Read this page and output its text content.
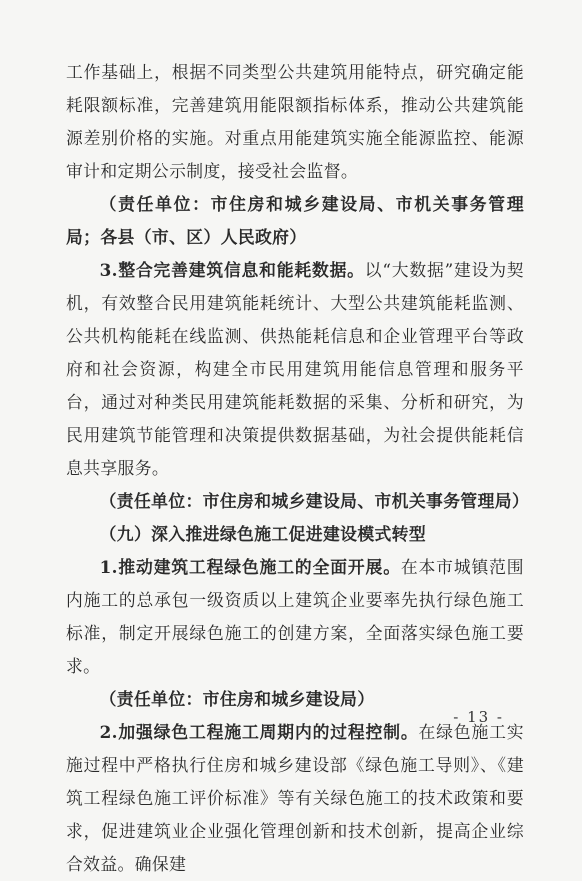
工作基础上，根据不同类型公共建筑用能特点，研究确定能耗限额标准，完善建筑用能限额指标体系，推动公共建筑能源差别价格的实施。对重点用能建筑实施全能源监控、能源审计和定期公示制度，接受社会监督。

（责任单位：市住房和城乡建设局、市机关事务管理局；各县（市、区）人民政府）

3.整合完善建筑信息和能耗数据。以“大数据”建设为契机，有效整合民用建筑能耗统计、大型公共建筑能耗监测、公共机构能耗在线监测、供热能耗信息和企业管理平台等政府和社会资源，构建全市民用建筑用能信息管理和服务平台，通过对种类民用建筑能耗数据的采集、分析和研究，为民用建筑节能管理和决策提供数据基础，为社会提供能耗信息共享服务。

（责任单位：市住房和城乡建设局、市机关事务管理局）

（九）深入推进绿色施工促进建设模式转型

1.推动建筑工程绿色施工的全面开展。在本市城镇范围内施工的总承包一级资质以上建筑企业要率先执行绿色施工标准，制定开展绿色施工的创建方案，全面落实绿色施工要求。

（责任单位：市住房和城乡建设局）

2.加强绿色工程施工周期内的过程控制。在绿色施工实施过程中严格执行住房和城乡建设部《绿色施工导则》、《建筑工程绿色施工评价标准》等有关绿色施工的技术政策和要求，促进建筑业企业强化管理创新和技术创新，提高企业综合效益。确保建

- 13 -
